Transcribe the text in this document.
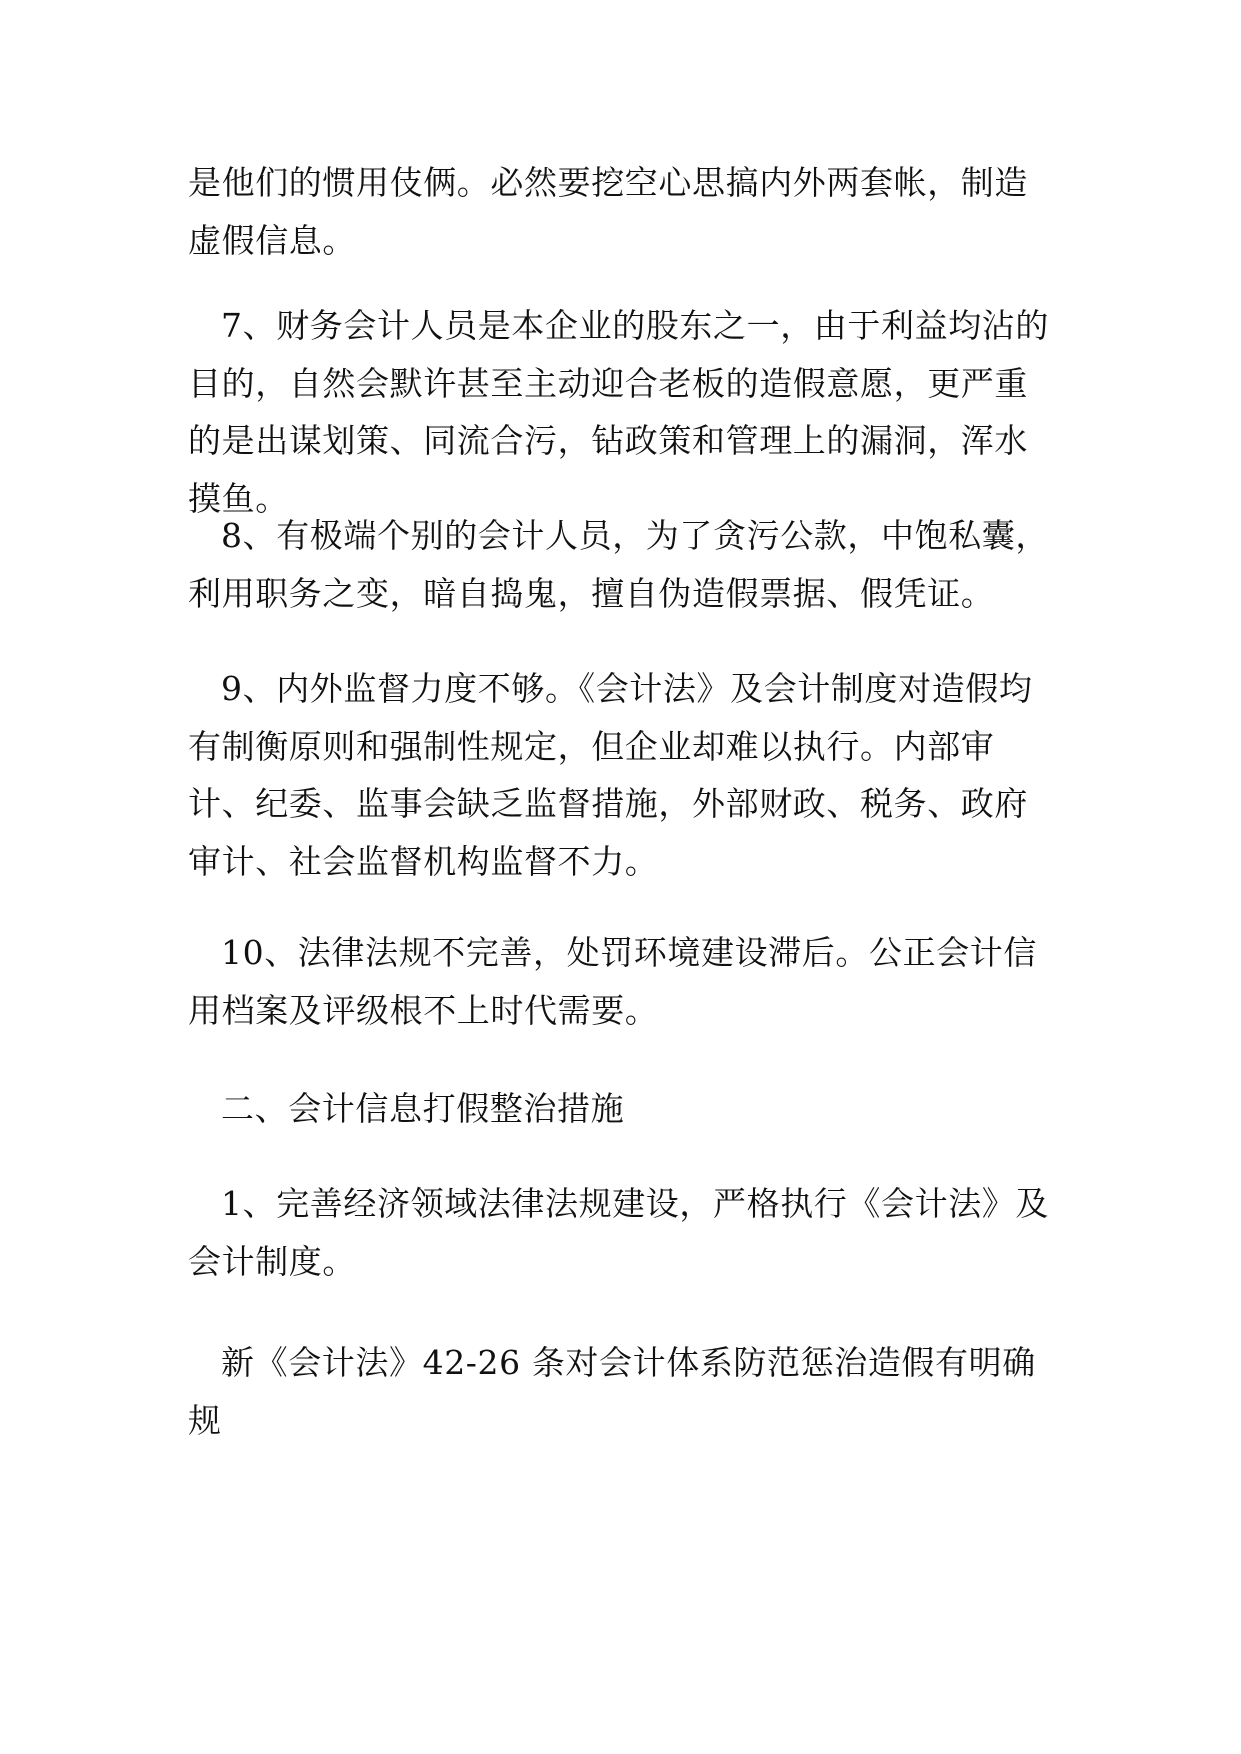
是他们的惯用伎俩。必然要挖空心思搞内外两套帐，制造虚假信息。

7、财务会计人员是本企业的股东之一，由于利益均沾的目的，自然会默许甚至主动迎合老板的造假意愿，更严重的是出谋划策、同流合污，钻政策和管理上的漏洞，浑水摸鱼。

8、有极端个别的会计人员，为了贪污公款，中饱私囊，利用职务之变，暗自捣鬼，擅自伪造假票据、假凭证。

9、内外监督力度不够。《会计法》及会计制度对造假均有制衡原则和强制性规定，但企业却难以执行。内部审计、纪委、监事会缺乏监督措施，外部财政、税务、政府审计、社会监督机构监督不力。

10、法律法规不完善，处罚环境建设滞后。公正会计信用档案及评级根不上时代需要。

二、会计信息打假整治措施

1、完善经济领域法律法规建设，严格执行《会计法》及会计制度。

新《会计法》42-26 条对会计体系防范惩治造假有明确规
